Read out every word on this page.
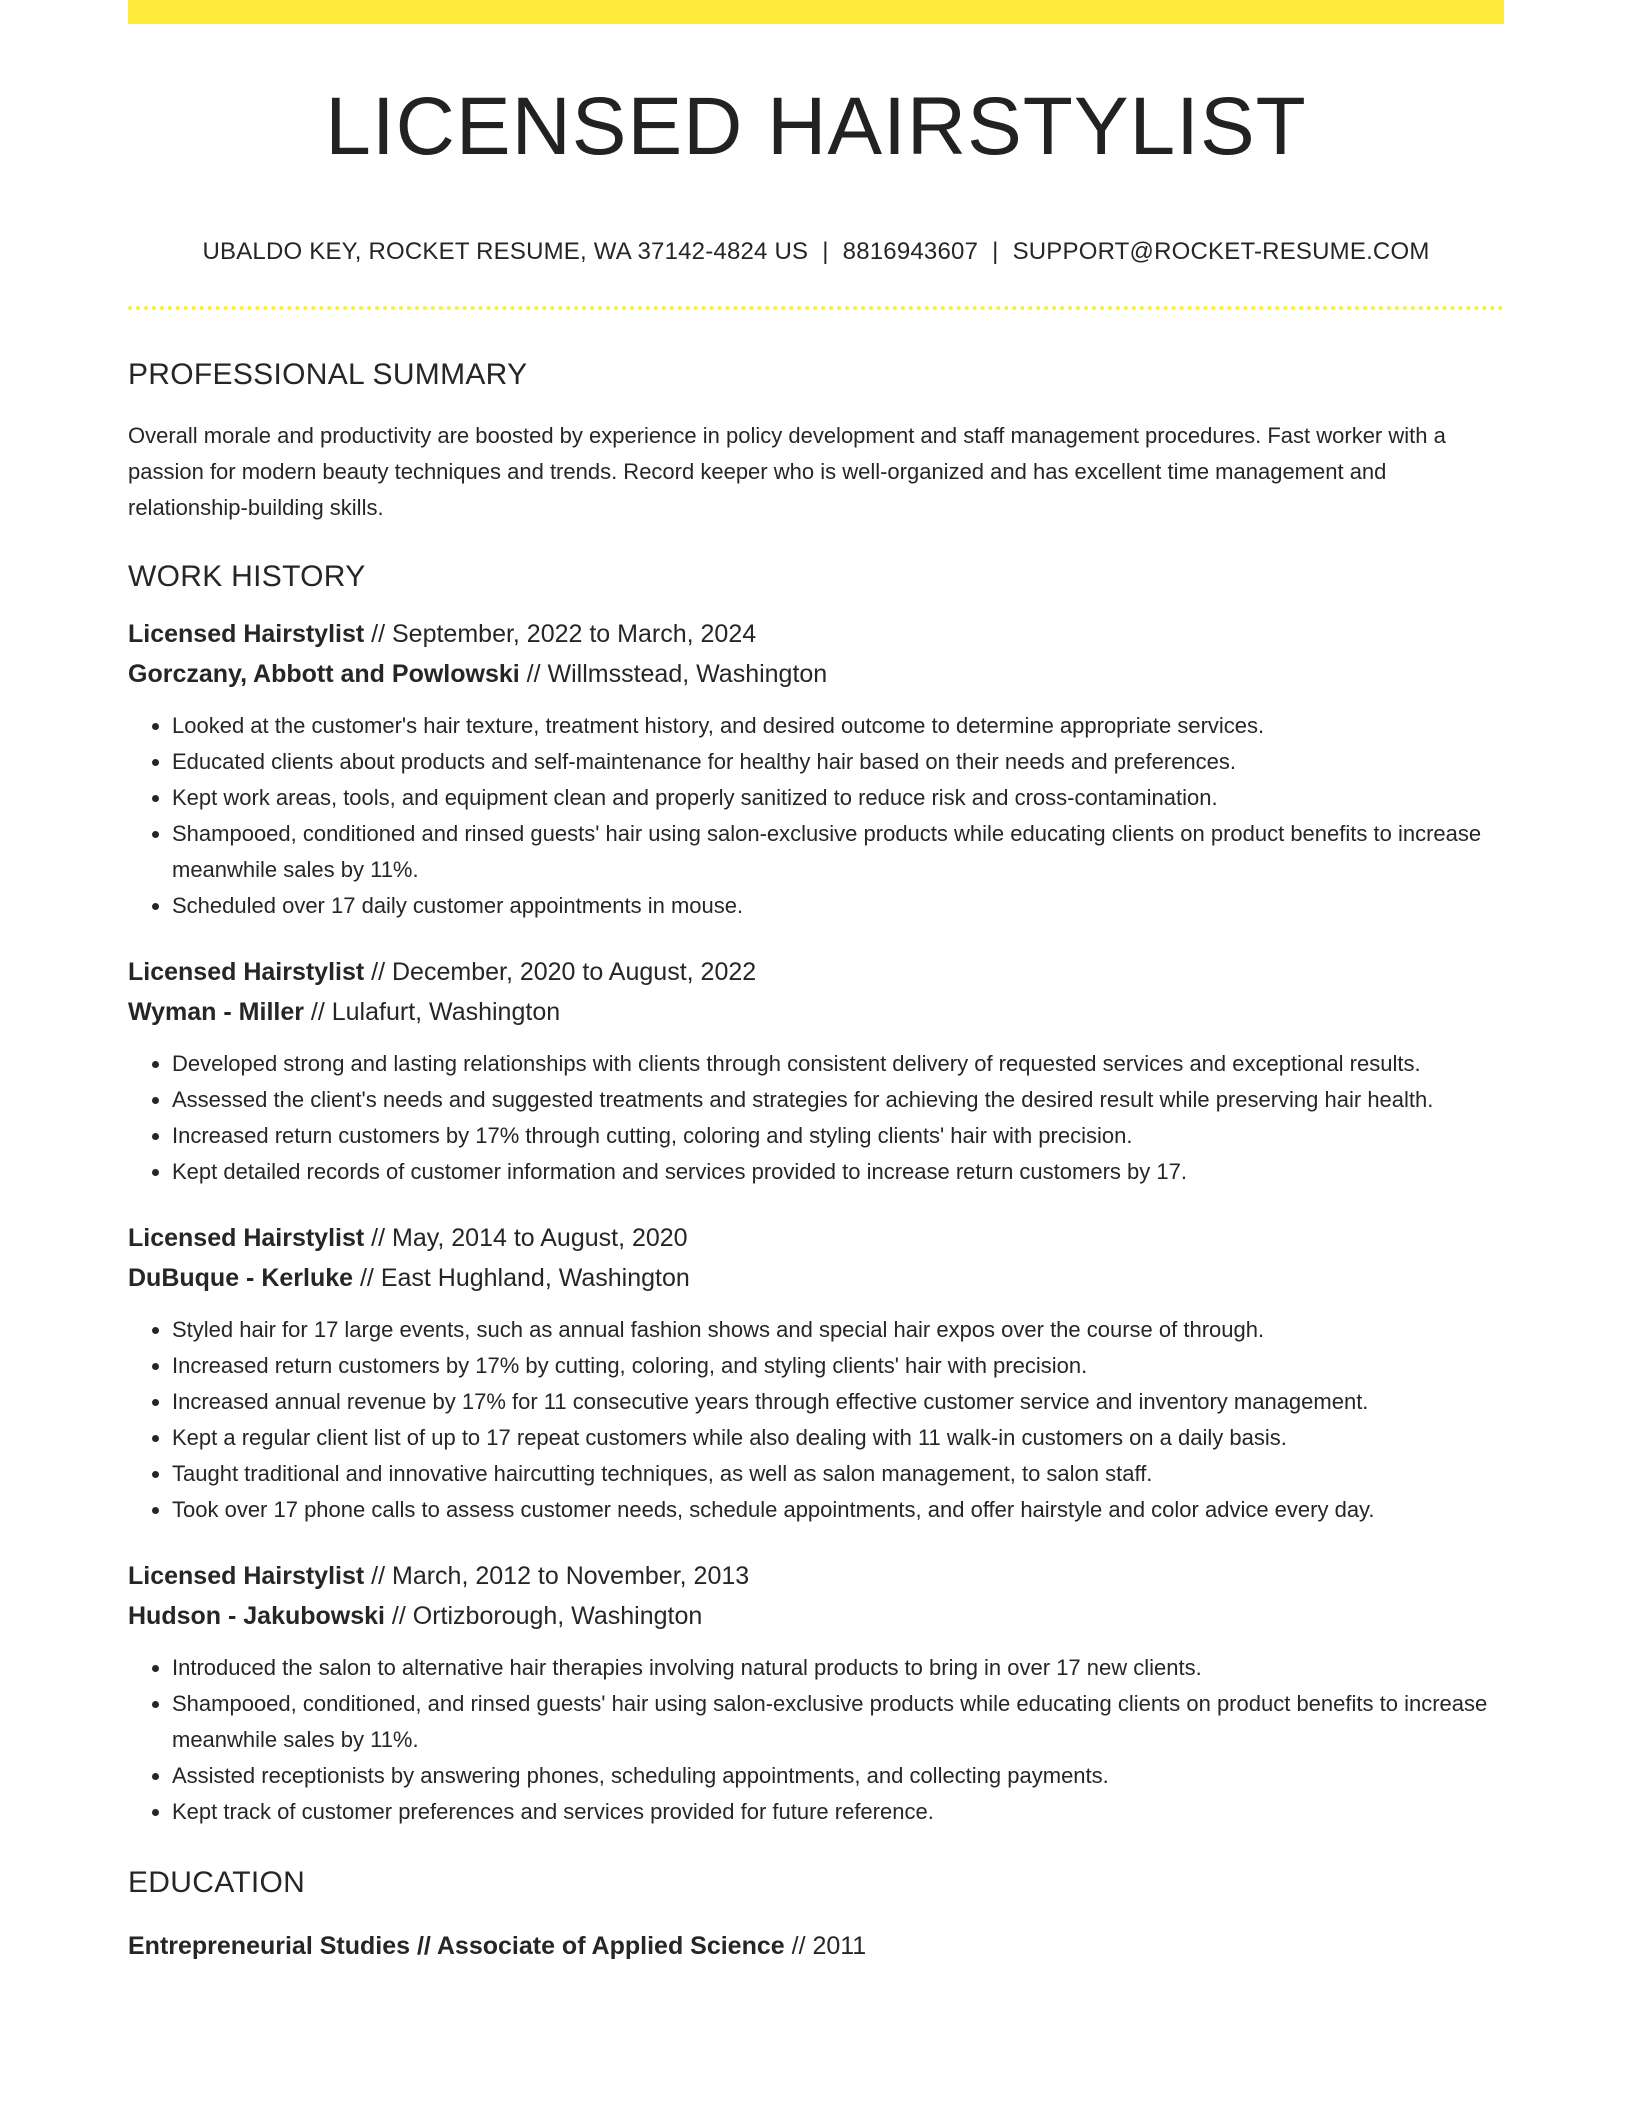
LICENSED HAIRSTYLIST
UBALDO KEY, ROCKET RESUME, WA 37142-4824 US | 8816943607 | SUPPORT@ROCKET-RESUME.COM
PROFESSIONAL SUMMARY

Overall morale and productivity are boosted by experience in policy development and staff management procedures. Fast worker with a passion for modern beauty techniques and trends. Record keeper who is well-organized and has excellent time management and relationship-building skills.

WORK HISTORY
Licensed Hairstylist // September, 2022 to March, 2024
Gorczany, Abbott and Powlowski // Willmsstead, Washington
• Looked at the customer's hair texture, treatment history, and desired outcome to determine appropriate services.
• Educated clients about products and self-maintenance for healthy hair based on their needs and preferences.
• Kept work areas, tools, and equipment clean and properly sanitized to reduce risk and cross-contamination.
• Shampooed, conditioned and rinsed guests' hair using salon-exclusive products while educating clients on product benefits to increase meanwhile sales by 11%.
• Scheduled over 17 daily customer appointments in mouse.
Licensed Hairstylist // December, 2020 to August, 2022
Wyman - Miller // Lulafurt, Washington
• Developed strong and lasting relationships with clients through consistent delivery of requested services and exceptional results.
• Assessed the client's needs and suggested treatments and strategies for achieving the desired result while preserving hair health.
• Increased return customers by 17% through cutting, coloring and styling clients' hair with precision.
• Kept detailed records of customer information and services provided to increase return customers by 17.
Licensed Hairstylist // May, 2014 to August, 2020
DuBuque - Kerluke // East Hughland, Washington
• Styled hair for 17 large events, such as annual fashion shows and special hair expos over the course of through.
• Increased return customers by 17% by cutting, coloring, and styling clients' hair with precision.
• Increased annual revenue by 17% for 11 consecutive years through effective customer service and inventory management.
• Kept a regular client list of up to 17 repeat customers while also dealing with 11 walk-in customers on a daily basis.
• Taught traditional and innovative haircutting techniques, as well as salon management, to salon staff.
• Took over 17 phone calls to assess customer needs, schedule appointments, and offer hairstyle and color advice every day.
Licensed Hairstylist // March, 2012 to November, 2013
Hudson - Jakubowski // Ortizborough, Washington
• Introduced the salon to alternative hair therapies involving natural products to bring in over 17 new clients.
• Shampooed, conditioned, and rinsed guests' hair using salon-exclusive products while educating clients on product benefits to increase meanwhile sales by 11%.
• Assisted receptionists by answering phones, scheduling appointments, and collecting payments.
• Kept track of customer preferences and services provided for future reference.
EDUCATION
Entrepreneurial Studies // Associate of Applied Science // 2011
